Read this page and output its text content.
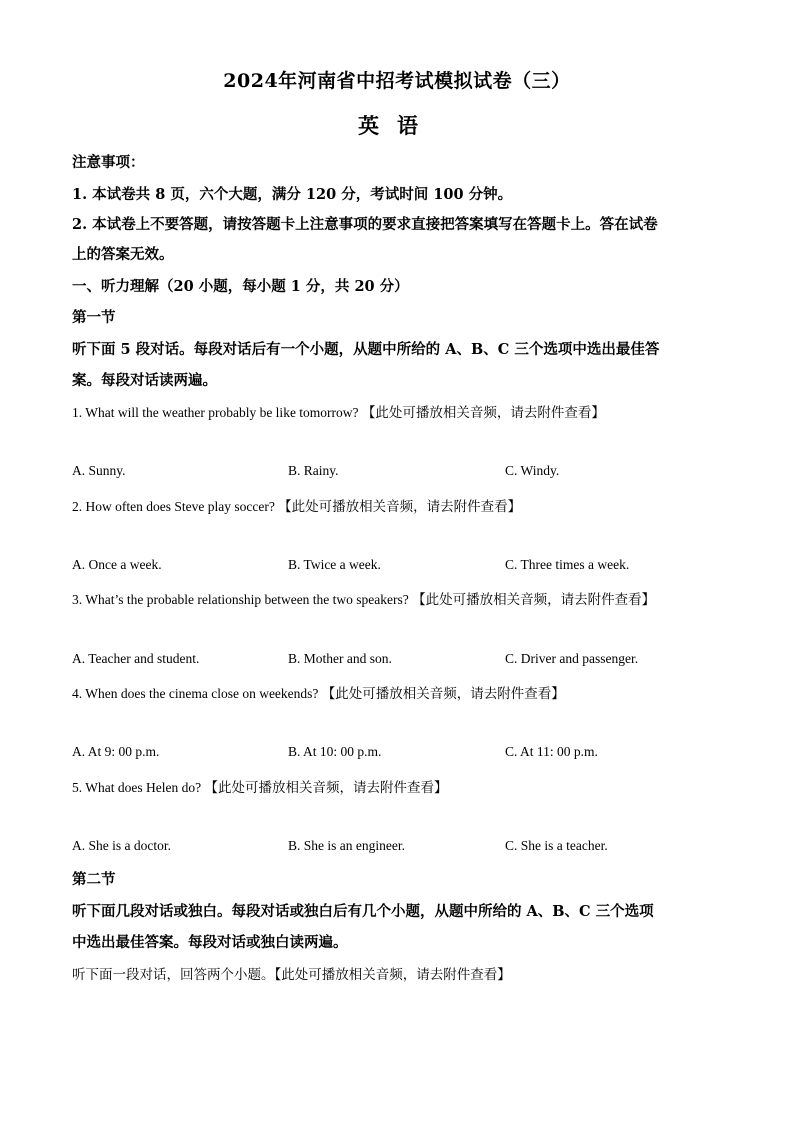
2024年河南省中招考试模拟试卷（三）
英语
注意事项：
1. 本试卷共 8 页，六个大题，满分 120 分，考试时间 100 分钟。
2. 本试卷上不要答题，请按答题卡上注意事项的要求直接把答案填写在答题卡上。答在试卷
上的答案无效。
一、听力理解（20 小题，每小题 1 分，共 20 分）
第一节
听下面 5 段对话。每段对话后有一个小题，从题中所给的 A、B、C 三个选项中选出最佳答
案。每段对话读两遍。
1. What will the weather probably be like tomorrow? 【此处可播放相关音频，请去附件查看】
A. Sunny.	B. Rainy.	C. Windy.
2. How often does Steve play soccer? 【此处可播放相关音频，请去附件查看】
A. Once a week.	B. Twice a week.	C. Three times a week.
3. What’s the probable relationship between the two speakers? 【此处可播放相关音频，请去附件查看】
A. Teacher and student.	B. Mother and son.	C. Driver and passenger.
4. When does the cinema close on weekends? 【此处可播放相关音频，请去附件查看】
A. At 9: 00 p.m.	B. At 10: 00 p.m.	C. At 11: 00 p.m.
5. What does Helen do? 【此处可播放相关音频，请去附件查看】
A. She is a doctor.	B. She is an engineer.	C. She is a teacher.
第二节
听下面几段对话或独白。每段对话或独白后有几个小题，从题中所给的 A、B、C 三个选项
中选出最佳答案。每段对话或独白读两遍。
听下面一段对话，回答两个小题。【此处可播放相关音频，请去附件查看】
